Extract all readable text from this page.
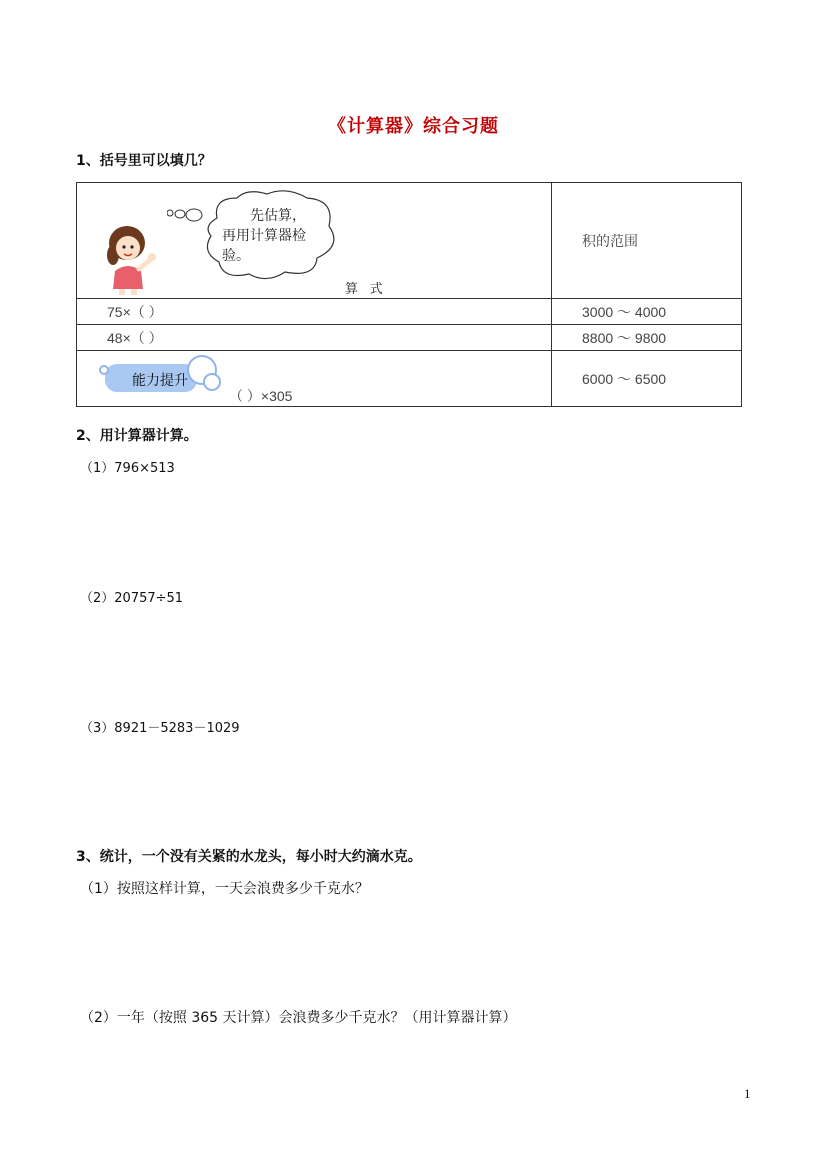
《计算器》综合习题
1、括号里可以填几？
先估算，
再用计算器检
验。
算 式	积的范围
75×（ ）	3000 ～ 4000
48×（ ）	8800 ～ 9800

能力提升
（ ）×305	6000 ～ 6500
2、用计算器计算。
（1）796×513
（2）20757÷51
（3）8921－5283－1029
3、统计，一个没有关紧的水龙头，每小时大约滴水克。
（1）按照这样计算，一天会浪费多少千克水？
（2）一年（按照 365 天计算）会浪费多少千克水？（用计算器计算）
1
